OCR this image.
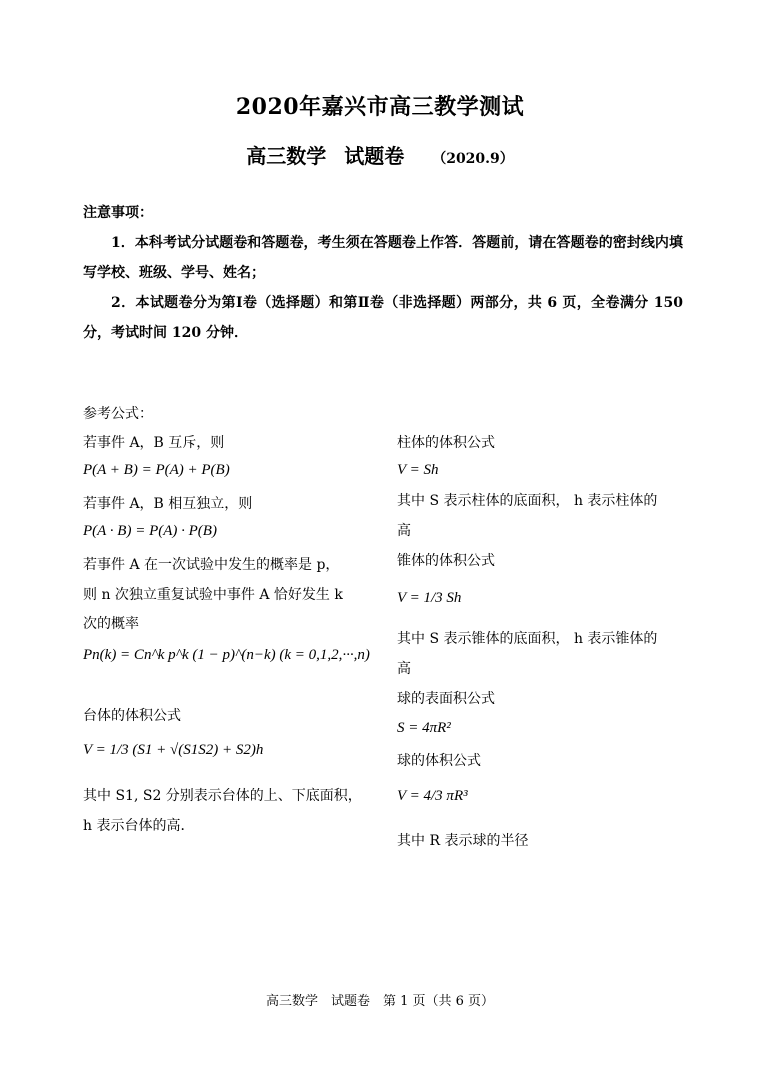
2020年嘉兴市高三教学测试
高三数学 试题卷 （2020.9）
注意事项：

1．本科考试分试题卷和答题卷，考生须在答题卷上作答．答题前，请在答题卷的密封线内填写学校、班级、学号、姓名；

2．本试题卷分为第Ⅰ卷（选择题）和第Ⅱ卷（非选择题）两部分，共 6 页，全卷满分 150 分，考试时间 120 分钟．

参考公式：
若事件 A，B 互斥，则
P(A + B) = P(A) + P(B)
若事件 A，B 相互独立，则
P(A · B) = P(A) · P(B)
若事件 A 在一次试验中发生的概率是 p，
则 n 次独立重复试验中事件 A 恰好发生 k
次的概率
Pn(k) = Cn^k p^k (1 − p)^(n−k) (k = 0,1,2,···,n)
台体的体积公式
V = 1/3 (S1 + √(S1S2) + S2)h
其中 S1, S2 分别表示台体的上、下底面积，
h 表示台体的高．
柱体的体积公式
V = Sh
其中 S 表示柱体的底面积， h 表示柱体的
高
锥体的体积公式
V = 1/3 Sh
其中 S 表示锥体的底面积， h 表示锥体的
高
球的表面积公式
S = 4πR²
球的体积公式
V = 4/3 πR³
其中 R 表示球的半径
高三数学　试题卷　第 1 页（共 6 页）
